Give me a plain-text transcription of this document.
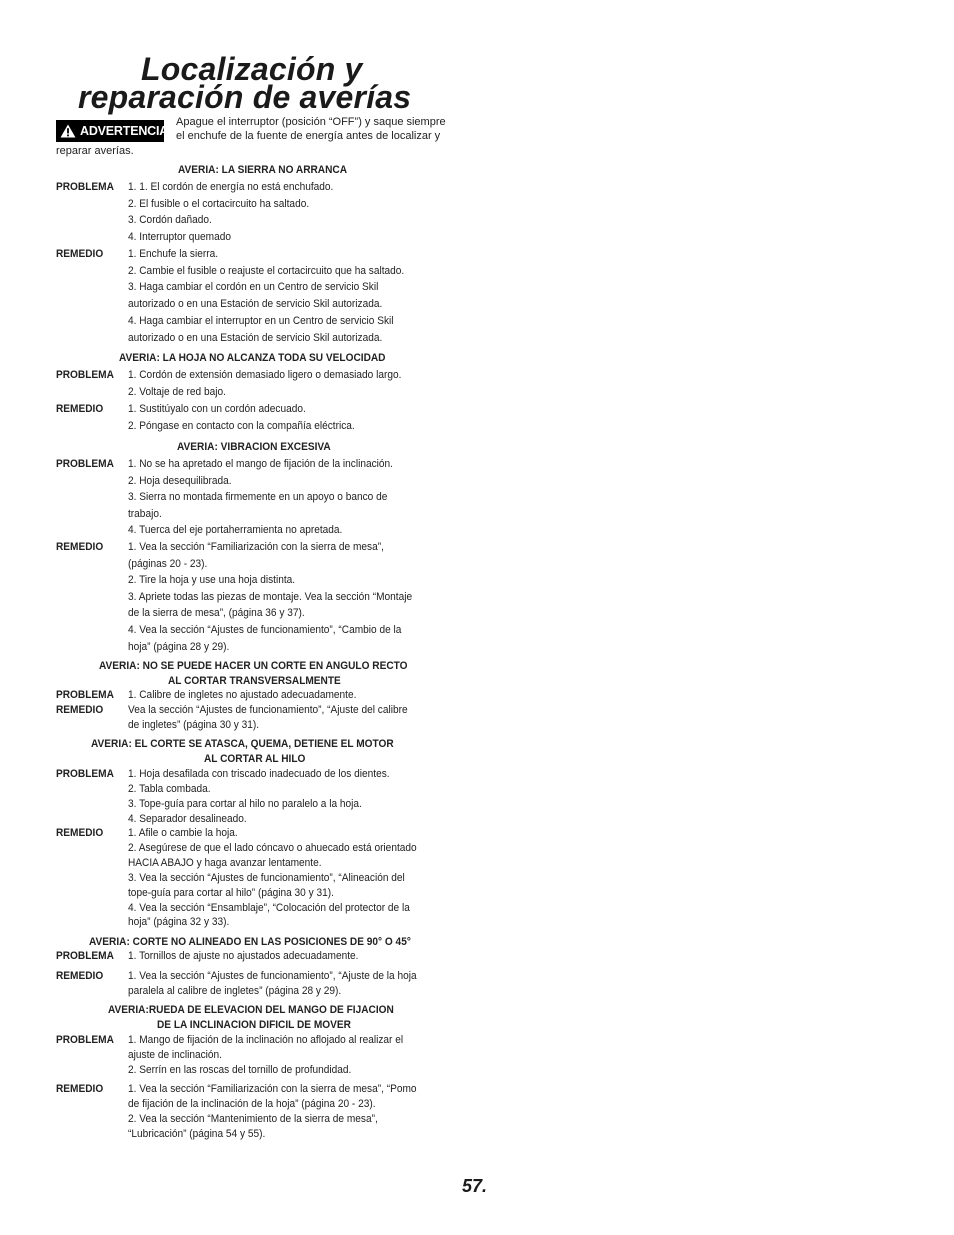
Localización y
reparación de averías
ADVERTENCIA

Apague el interruptor (posición “OFF”) y saque siempre

el enchufe de la fuente de energía antes de localizar y

reparar averías.

AVERIA: LA SIERRA NO ARRANCA

PROBLEMA 1. 1. El cordón de energía no está enchufado.

2. El fusible o el cortacircuito ha saltado.

3. Cordón dañado.

4. Interruptor quemado

REMEDIO 1. Enchufe la sierra.

2. Cambie el fusible o reajuste el cortacircuito que ha saltado.

3. Haga cambiar el cordón en un Centro de servicio Skil

autorizado o en una Estación de servicio Skil autorizada.

4. Haga cambiar el interruptor en un Centro de servicio Skil

autorizado o en una Estación de servicio Skil autorizada.

AVERIA: LA HOJA NO ALCANZA TODA SU VELOCIDAD

PROBLEMA 1. Cordón de extensión demasiado ligero o demasiado largo.

2. Voltaje de red bajo.

REMEDIO 1. Sustitúyalo con un cordón adecuado.

2. Póngase en contacto con la compañía eléctrica.

AVERIA: VIBRACION EXCESIVA

PROBLEMA 1. No se ha apretado el mango de fijación de la inclinación.

2. Hoja desequilibrada.

3. Sierra no montada firmemente en un apoyo o banco de

trabajo.

4. Tuerca del eje portaherramienta no apretada.

REMEDIO 1. Vea la sección “Familiarización con la sierra de mesa”,

(páginas 20 - 23).

2. Tire la hoja y use una hoja distinta.

3. Apriete todas las piezas de montaje. Vea la sección “Montaje

de la sierra de mesa”, (página 36 y 37).

4. Vea la sección “Ajustes de funcionamiento”, “Cambio de la

hoja” (página 28 y 29).

AVERIA: NO SE PUEDE HACER UN CORTE EN ANGULO RECTO

AL CORTAR TRANSVERSALMENTE

PROBLEMA 1. Calibre de ingletes no ajustado adecuadamente.

REMEDIO Vea la sección “Ajustes de funcionamiento”, “Ajuste del calibre

de ingletes” (página 30 y 31).

AVERIA: EL CORTE SE ATASCA, QUEMA, DETIENE EL MOTOR

AL CORTAR AL HILO

PROBLEMA 1. Hoja desafilada con triscado inadecuado de los dientes.

2. Tabla combada.

3. Tope-guía para cortar al hilo no paralelo a la hoja.

4. Separador desalineado.

REMEDIO 1. Afile o cambie la hoja.

2. Asegúrese de que el lado cóncavo o ahuecado está orientado

HACIA ABAJO y haga avanzar lentamente.

3. Vea la sección “Ajustes de funcionamiento”, “Alineación del

tope-guía para cortar al hilo” (página 30 y 31).

4. Vea la sección “Ensamblaje”, “Colocación del protector de la

hoja” (página 32 y 33).

AVERIA: CORTE NO ALINEADO EN LAS POSICIONES DE 90° O 45°

PROBLEMA 1. Tornillos de ajuste no ajustados adecuadamente.

REMEDIO 1. Vea la sección “Ajustes de funcionamiento”, “Ajuste de la hoja

paralela al calibre de ingletes” (página 28 y 29).

AVERIA:RUEDA DE ELEVACION DEL MANGO DE FIJACION

DE LA INCLINACION DIFICIL DE MOVER

PROBLEMA 1. Mango de fijación de la inclinación no aflojado al realizar el

ajuste de inclinación.

2. Serrín en las roscas del tornillo de profundidad.

REMEDIO 1. Vea la sección “Familiarización con la sierra de mesa”, “Pomo

de fijación de la inclinación de la hoja” (página 20 - 23).

2. Vea la sección “Mantenimiento de la sierra de mesa”,

“Lubricación” (página 54 y 55).

57.
